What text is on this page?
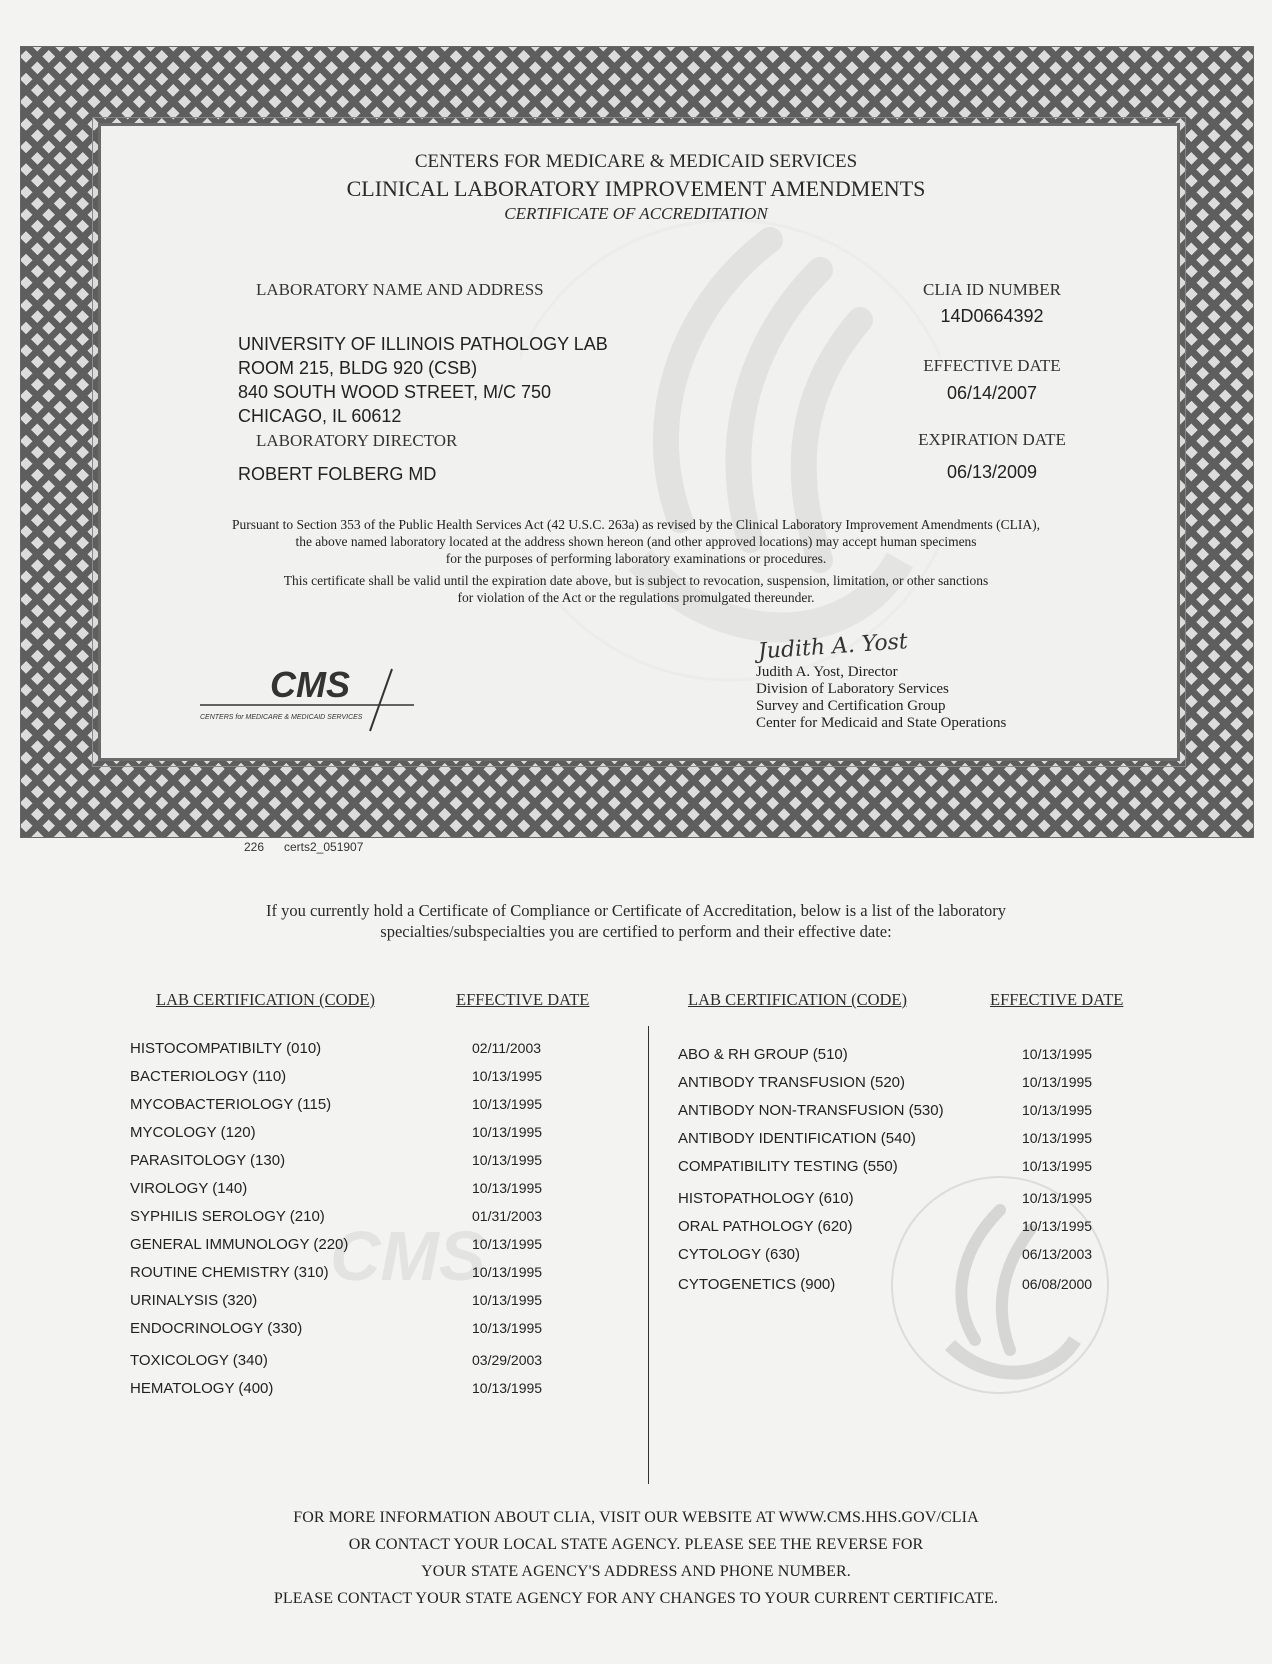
CENTERS FOR MEDICARE & MEDICAID SERVICES
CLINICAL LABORATORY IMPROVEMENT AMENDMENTS
CERTIFICATE OF ACCREDITATION
LABORATORY NAME AND ADDRESS
UNIVERSITY OF ILLINOIS PATHOLOGY LAB
ROOM 215, BLDG 920 (CSB)
840 SOUTH WOOD STREET, M/C 750
CHICAGO, IL 60612
LABORATORY DIRECTOR
ROBERT FOLBERG MD
CLIA ID NUMBER
14D0664392
EFFECTIVE DATE
06/14/2007
EXPIRATION DATE
06/13/2009
Pursuant to Section 353 of the Public Health Services Act (42 U.S.C. 263a) as revised by the Clinical Laboratory Improvement Amendments (CLIA),
the above named laboratory located at the address shown hereon (and other approved locations) may accept human specimens
for the purposes of performing laboratory examinations or procedures.
This certificate shall be valid until the expiration date above, but is subject to revocation, suspension, limitation, or other sanctions
for violation of the Act or the regulations promulgated thereunder.
CMS
CENTERS for MEDICARE & MEDICAID SERVICES
Judith A. Yost
Judith A. Yost, Director
Division of Laboratory Services
Survey and Certification Group
Center for Medicaid and State Operations
226 certs2_051907
If you currently hold a Certificate of Compliance or Certificate of Accreditation, below is a list of the laboratory
specialties/subspecialties you are certified to perform and their effective date:
LAB CERTIFICATION (CODE)	EFFECTIVE DATE	LAB CERTIFICATION (CODE)	EFFECTIVE DATE
CMS
HISTOCOMPATIBILTY (010)	02/11/2003
BACTERIOLOGY (110)	10/13/1995
MYCOBACTERIOLOGY (115)	10/13/1995
MYCOLOGY (120)	10/13/1995
PARASITOLOGY (130)	10/13/1995
VIROLOGY (140)	10/13/1995
SYPHILIS SEROLOGY (210)	01/31/2003
GENERAL IMMUNOLOGY (220)	10/13/1995
ROUTINE CHEMISTRY (310)	10/13/1995
URINALYSIS (320)	10/13/1995
ENDOCRINOLOGY (330)	10/13/1995
TOXICOLOGY (340)	03/29/2003
HEMATOLOGY (400)	10/13/1995
ABO & RH GROUP (510)	10/13/1995
ANTIBODY TRANSFUSION (520)	10/13/1995
ANTIBODY NON-TRANSFUSION (530)	10/13/1995
ANTIBODY IDENTIFICATION (540)	10/13/1995
COMPATIBILITY TESTING (550)	10/13/1995
HISTOPATHOLOGY (610)	10/13/1995
ORAL PATHOLOGY (620)	10/13/1995
CYTOLOGY (630)	06/13/2003
CYTOGENETICS (900)	06/08/2000
FOR MORE INFORMATION ABOUT CLIA, VISIT OUR WEBSITE AT WWW.CMS.HHS.GOV/CLIA
OR CONTACT YOUR LOCAL STATE AGENCY. PLEASE SEE THE REVERSE FOR
YOUR STATE AGENCY'S ADDRESS AND PHONE NUMBER.
PLEASE CONTACT YOUR STATE AGENCY FOR ANY CHANGES TO YOUR CURRENT CERTIFICATE.
